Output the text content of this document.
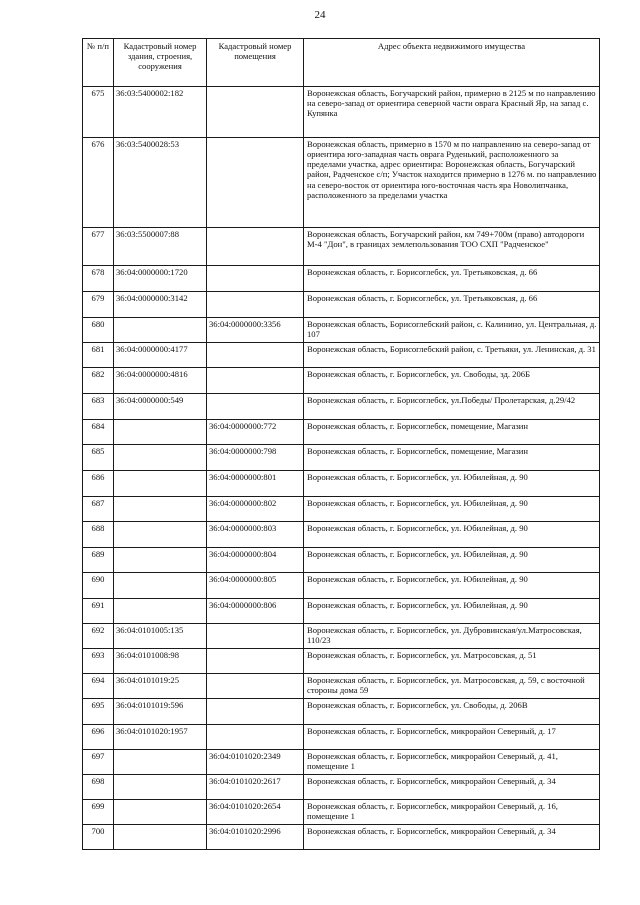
24
№ п/п	Кадастровый номер здания, строения, сооружения	Кадастровый номер помещения	Адрес объекта недвижимого имущества
675	36:03:5400002:182		Воронежская область, Богучарский район, примерно в 2125 м по направлению на северо-запад от ориентира северной части оврага Красный Яр, на запад с. Купянка
676	36:03:5400028:53		Воронежская область, примерно в 1570 м по направлению на северо-запад от ориентира юго-западная часть оврага Руденький, расположенного за пределами участка, адрес ориентира: Воронежская область, Богучарский район, Радченское с/п; Участок находится примерно в 1276 м. по направлению на северо-восток от ориентира юго-восточная часть яра Новолипчанка, расположенного за пределами участка
677	36:03:5500007:88		Воронежская область, Богучарский район, км 749+700м (право) автодороги М-4 "Дон", в границах землепользования ТОО СХП "Радченское"
678	36:04:0000000:1720		Воронежская область, г. Борисоглебск, ул. Третьяковская, д. 66
679	36:04:0000000:3142		Воронежская область, г. Борисоглебск, ул. Третьяковская, д. 66
680		36:04:0000000:3356	Воронежская область, Борисоглебский район, с. Калинино, ул. Центральная, д. 107
681	36:04:0000000:4177		Воронежская область, Борисоглебский район, с. Третьяки, ул. Ленинская, д. 31
682	36:04:0000000:4816		Воронежская область, г. Борисоглебск, ул. Свободы, зд. 206Б
683	36:04:0000000:549		Воронежская область, г. Борисоглебск, ул.Победы/ Пролетарская, д.29/42
684		36:04:0000000:772	Воронежская область, г. Борисоглебск, помещение, Магазин
685		36:04:0000000:798	Воронежская область, г. Борисоглебск, помещение, Магазин
686		36:04:0000000:801	Воронежская область, г. Борисоглебск, ул. Юбилейная, д. 90
687		36:04:0000000:802	Воронежская область, г. Борисоглебск, ул. Юбилейная, д. 90
688		36:04:0000000:803	Воронежская область, г. Борисоглебск, ул. Юбилейная, д. 90
689		36:04:0000000:804	Воронежская область, г. Борисоглебск, ул. Юбилейная, д. 90
690		36:04:0000000:805	Воронежская область, г. Борисоглебск, ул. Юбилейная, д. 90
691		36:04:0000000:806	Воронежская область, г. Борисоглебск, ул. Юбилейная, д. 90
692	36:04:0101005:135		Воронежская область, г. Борисоглебск, ул. Дубровинская/ул.Матросовская, 110/23
693	36:04:0101008:98		Воронежская область, г. Борисоглебск, ул. Матросовская, д. 51
694	36:04:0101019:25		Воронежская область, г. Борисоглебск, ул. Матросовская, д. 59, с восточной стороны дома 59
695	36:04:0101019:596		Воронежская область, г. Борисоглебск, ул. Свободы, д. 206В
696	36:04:0101020:1957		Воронежская область, г. Борисоглебск, микрорайон Северный, д. 17
697		36:04:0101020:2349	Воронежская область, г. Борисоглебск, микрорайон Северный, д. 41, помещение 1
698		36:04:0101020:2617	Воронежская область, г. Борисоглебск, микрорайон Северный, д. 34
699		36:04:0101020:2654	Воронежская область, г. Борисоглебск, микрорайон Северный, д. 16, помещение 1
700		36:04:0101020:2996	Воронежская область, г. Борисоглебск, микрорайон Северный, д. 34
